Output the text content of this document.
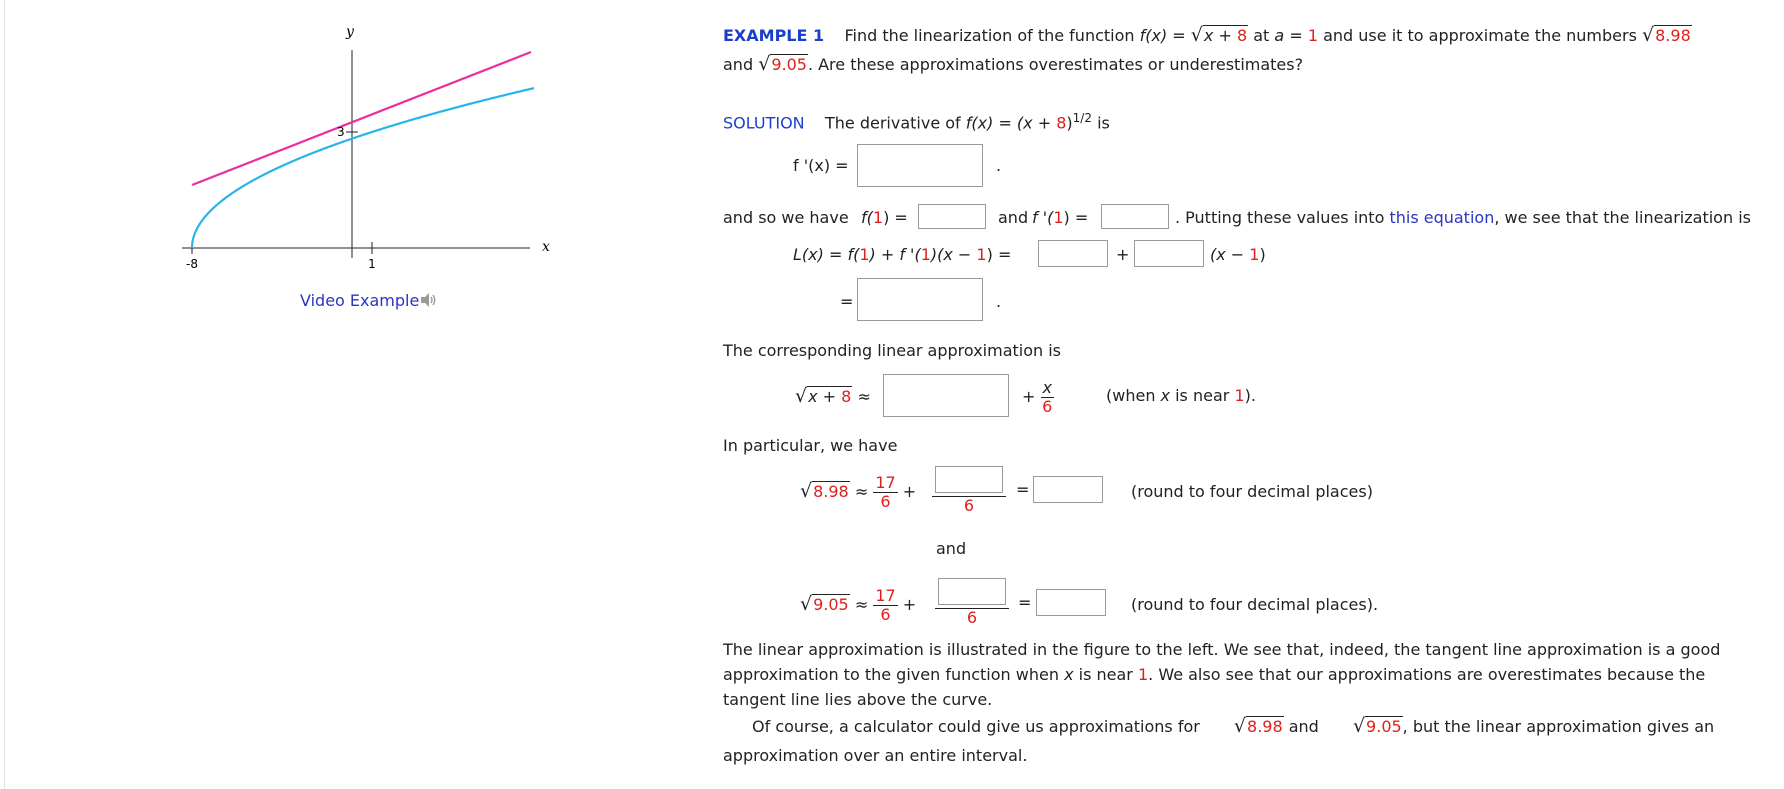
y
x
3
-8	1
Video Example
EXAMPLE 1 Find the linearization of the function f(x) = √x + 8 at a = 1 and use it to approximate the numbers √8.98
and √9.05. Are these approximations overestimates or underestimates?
SOLUTION The derivative of $f(x) = (x + 8)^{1/2}$ is
f '(x) =	.
and so we have f(1) =	and f '(1) =	. Putting these values into this equation, we see that the linearization is
L(x) = f(1) + f '(1)(x − 1) =	+	(x − 1)
=	.
The corresponding linear approximation is
√x + 8 ≈	+ $\frac{x}{6}$	(when x is near 1).
In particular, we have
$√8.98 \approx \frac{17}{6}$ +
6
=	(round to four decimal places)
and
$√9.05 \approx \frac{17}{6}$ +
6
=	(round to four decimal places).
The linear approximation is illustrated in the figure to the left. We see that, indeed, the tangent line approximation is a good approximation to the given function when x is near 1. We also see that our approximations are overestimates because the tangent line lies above the curve.
Of course, a calculator could give us approximations for √8.98 and √9.05, but the linear approximation gives an approximation over an entire interval.
